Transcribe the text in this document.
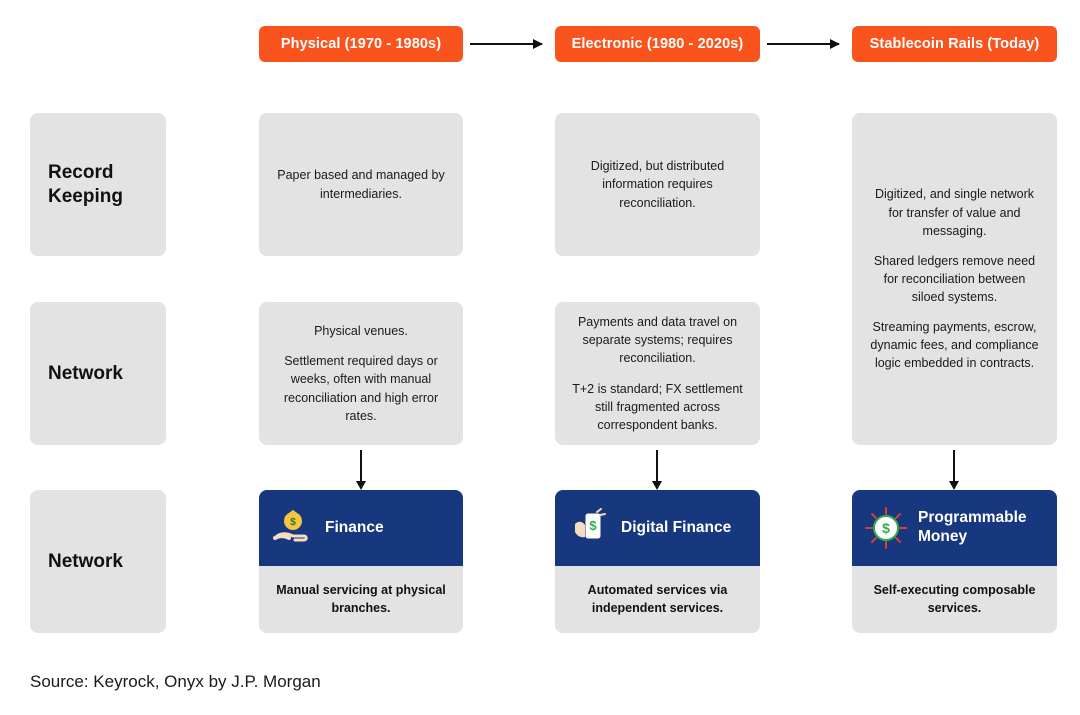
Physical (1970 - 1980s)	Electronic (1980 - 2020s)	Stablecoin Rails (Today)
Record Keeping
Network
Network

Paper based and managed by intermediaries.

Digitized, but distributed information requires reconciliation.

Physical venues.

Settlement required days or weeks, often with manual reconciliation and high error rates.

Payments and data travel on separate systems; requires reconciliation.

T+2 is standard; FX settlement still fragmented across correspondent banks.

Digitized, and single network for transfer of value and messaging.

Shared ledgers remove need for reconciliation between siloed systems.

Streaming payments, escrow, dynamic fees, and compliance logic embedded in contracts.

$ Finance
Manual servicing at physical branches.
$ Digital Finance
Automated services via independent services.
$
Programmable Money
Self-executing composable services.
Source: Keyrock, Onyx by J.P. Morgan
